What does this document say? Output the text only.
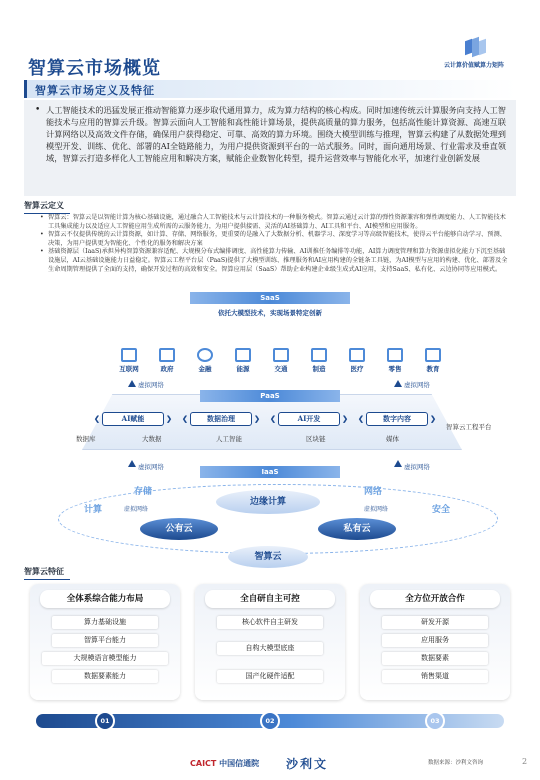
智算云市场概览	云计算价值赋算力矩阵
智算云市场定义及特征
• 人工智能技术的迅猛发展正推动智能算力逐步取代通用算力，成为算力结构的核心构成。同时加速传统云计算服务向支持人工智能技术与应用的智算云升级。智算云面向人工智能和高性能计算场景，提供高质量的算力服务，包括高性能计算资源、高速互联计算网络以及高效文件存储，确保用户获得稳定、可靠、高效的算力环境。围绕大模型训练与推理，智算云构建了从数据处理到模型开发、训练、优化、部署的AI全链路能力，为用户提供资源到平台的一站式服务。同时，面向通用场景、行业需求及垂直领域，智算云打造多样化人工智能应用和解决方案，赋能企业数智化转型，提升运营效率与智能化水平，加速行业创新发展
智算云定义
• 智算云：智算云是以智能计算为核心基础设施，通过融合人工智能技术与云计算技术的一种服务模式。智算云通过云计算的弹性资源兼容和弹性调度能力、人工智能技术工具集成能力以及适应人工智能应用生成所需的云服务能力，为用户提供接需、灵活的AI基础算力、AI工具和平台、AI模型和应用服务。
• 智算云不仅提供传统的云计算资源，如计算、存储、网络服务，更重要的是融入了大数据分析、机器学习、深度学习等高级智能技术，使得云平台能够自动学习、预测、决策，为用户提供更为智能化、个性化的服务和解决方案
• 基础资源层（IaaS)承担异构智算资源兼容适配、大规模分布式编排调度、高性能算力传输、AI训推任务编排等功能，AI算力调度管理和算力资源虚拟化能力下沉至基础设施层，AI云基础设施能力日益稳定。智算云工程平台层（PaaS)提供了大模型训练、推理服务和AI应用构建的全链条工具链，为AI模型与应用的构建、优化、部署及全生命周期管理提供了全面的支持，确保开发过程的高效和安全。智算应用层（SaaS）帮助企业构建企业级生成式AI应用，支持SaaS、私有化、云边协同等应用模式。
SaaS
依托大模型技术，实现场景特定创新
互联网	政府	金融	能源	交通	制造	医疗	零售	教育
虚拟网络	虚拟网络
PaaS
❮ AI赋能 ❯	❮ 数据治理 ❯	❮ AI开发 ❯	❮ 数字内容 ❯
数据库	大数据	人工智能	区块链	媒体
智算云工程平台
虚拟网络	虚拟网络
IaaS
计算
存储
虚拟网络
边缘计算
网络
虚拟网络	安全
公有云	私有云
智算云
智算云特征
全体系综合能力布局
算力基础设施
智算平台能力
大规模语言模型能力
数据要素能力
全自研自主可控
核心软件自主研发
自构大模型底座
国产化硬件适配
全方位开放合作
研发开源
应用服务
数据要素
销售渠道
01	02	03
CAICT 中国信通院 沙利文	数据来源：沙利文咨询	2
